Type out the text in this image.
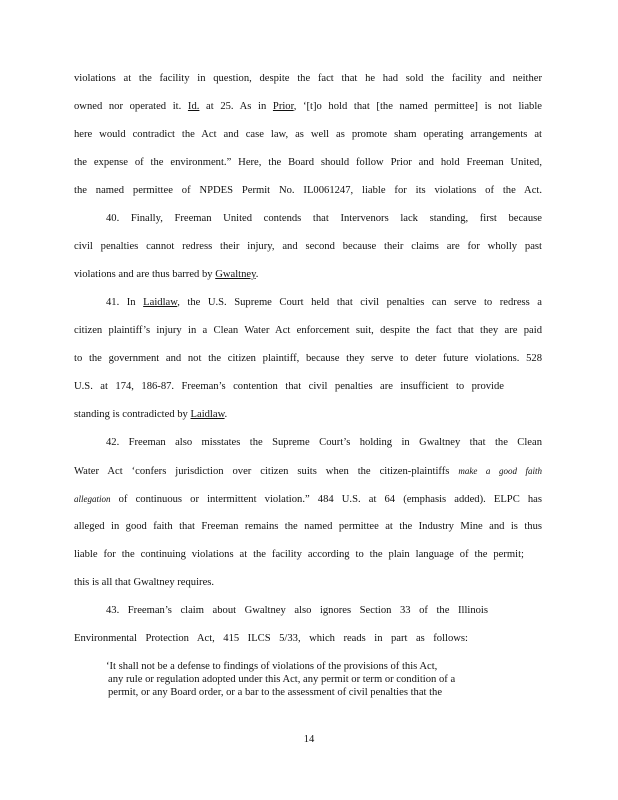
violations at the facility in question, despite the fact that he had sold the facility and neither
owned nor operated it. Id. at 25. As in Prior, ‘[t]o hold that [the named permittee] is not liable
here would contradict the Act and case law, as well as promote sham operating arrangements at
the expense of the environment.” Here, the Board should follow Prior and hold Freeman United,
the named permittee of NPDES Permit No. IL0061247, liable for its violations of the Act.
40. Finally, Freeman United contends that Intervenors lack standing, first because
civil penalties cannot redress their injury, and second because their claims are for wholly past
violations and are thus barred by Gwaltney.
41. In Laidlaw, the U.S. Supreme Court held that civil penalties can serve to redress a
citizen plaintiff’s injury in a Clean Water Act enforcement suit, despite the fact that they are paid
to the government and not the citizen plaintiff, because they serve to deter future violations. 528
U.S. at 174, 186-87. Freeman’s contention that civil penalties are insufficient to provide
standing is contradicted by Laidlaw.
42. Freeman also misstates the Supreme Court’s holding in Gwaltney that the Clean
Water Act ‘confers jurisdiction over citizen suits when the citizen-plaintiffs make a good faith
allegation of continuous or intermittent violation.” 484 U.S. at 64 (emphasis added). ELPC has
alleged in good faith that Freeman remains the named permittee at the Industry Mine and is thus
liable for the continuing violations at the facility according to the plain language of the permit;
this is all that Gwaltney requires.
43. Freeman’s claim about Gwaltney also ignores Section 33 of the Illinois
Environmental Protection Act, 415 ILCS 5/33, which reads in part as follows:
‘It shall not be a defense to findings of violations of the provisions of this Act,
any rule or regulation adopted under this Act, any permit or term or condition of a
permit, or any Board order, or a bar to the assessment of civil penalties that the
14
